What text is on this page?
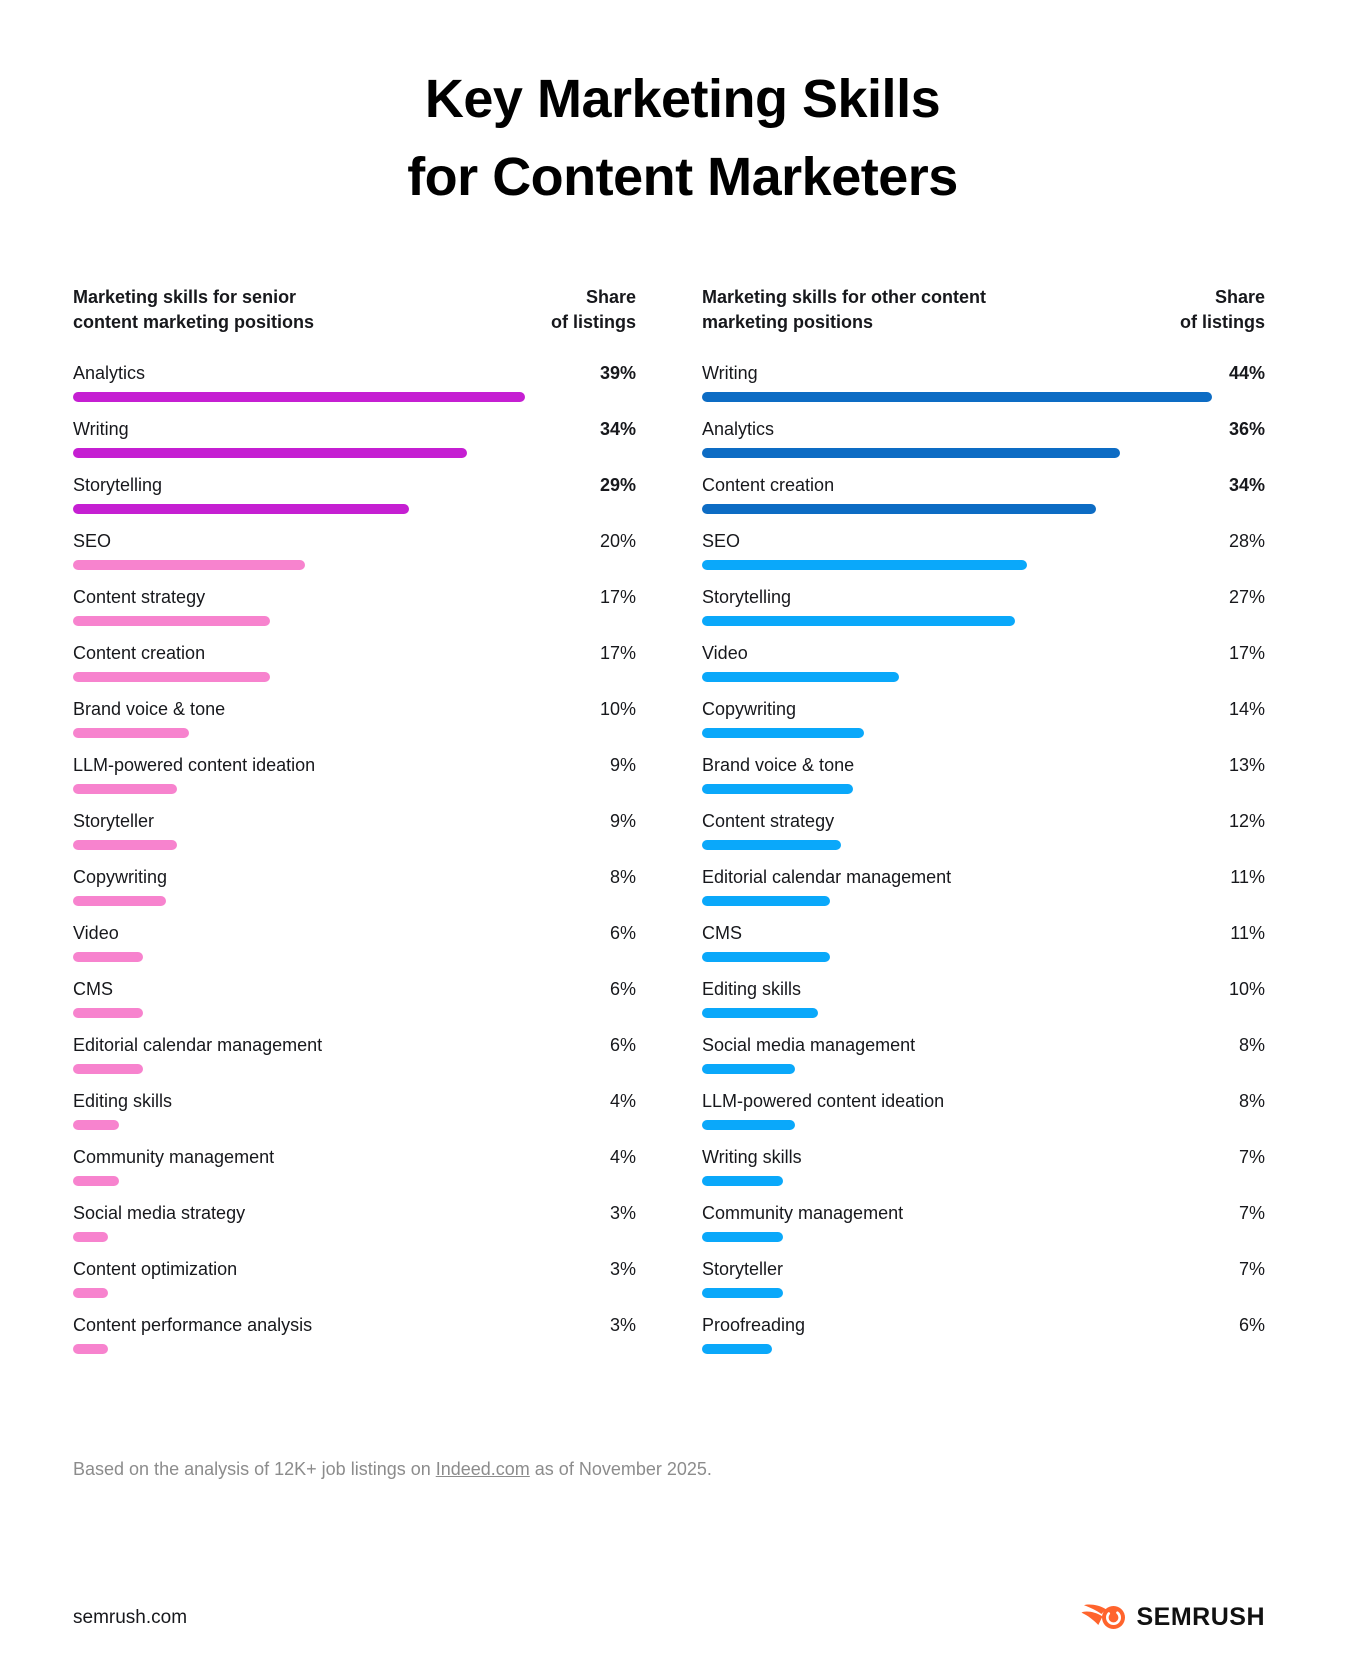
Key Marketing Skills
for Content Marketers
Marketing skills for senior
content marketing positions
Share
of listings
Analytics	39%
Writing	34%
Storytelling	29%
SEO	20%
Content strategy	17%
Content creation	17%
Brand voice & tone	10%
LLM-powered content ideation	9%
Storyteller	9%
Copywriting	8%
Video	6%
CMS	6%
Editorial calendar management	6%
Editing skills	4%
Community management	4%
Social media strategy	3%
Content optimization	3%
Content performance analysis	3%
Marketing skills for other content
marketing positions
Share
of listings
Writing	44%
Analytics	36%
Content creation	34%
SEO	28%
Storytelling	27%
Video	17%
Copywriting	14%
Brand voice & tone	13%
Content strategy	12%
Editorial calendar management	11%
CMS	11%
Editing skills	10%
Social media management	8%
LLM-powered content ideation	8%
Writing skills	7%
Community management	7%
Storyteller	7%
Proofreading	6%

Based on the analysis of 12K+ job listings on Indeed.com as of November 2025.

semrush.com	SEMRUSH
